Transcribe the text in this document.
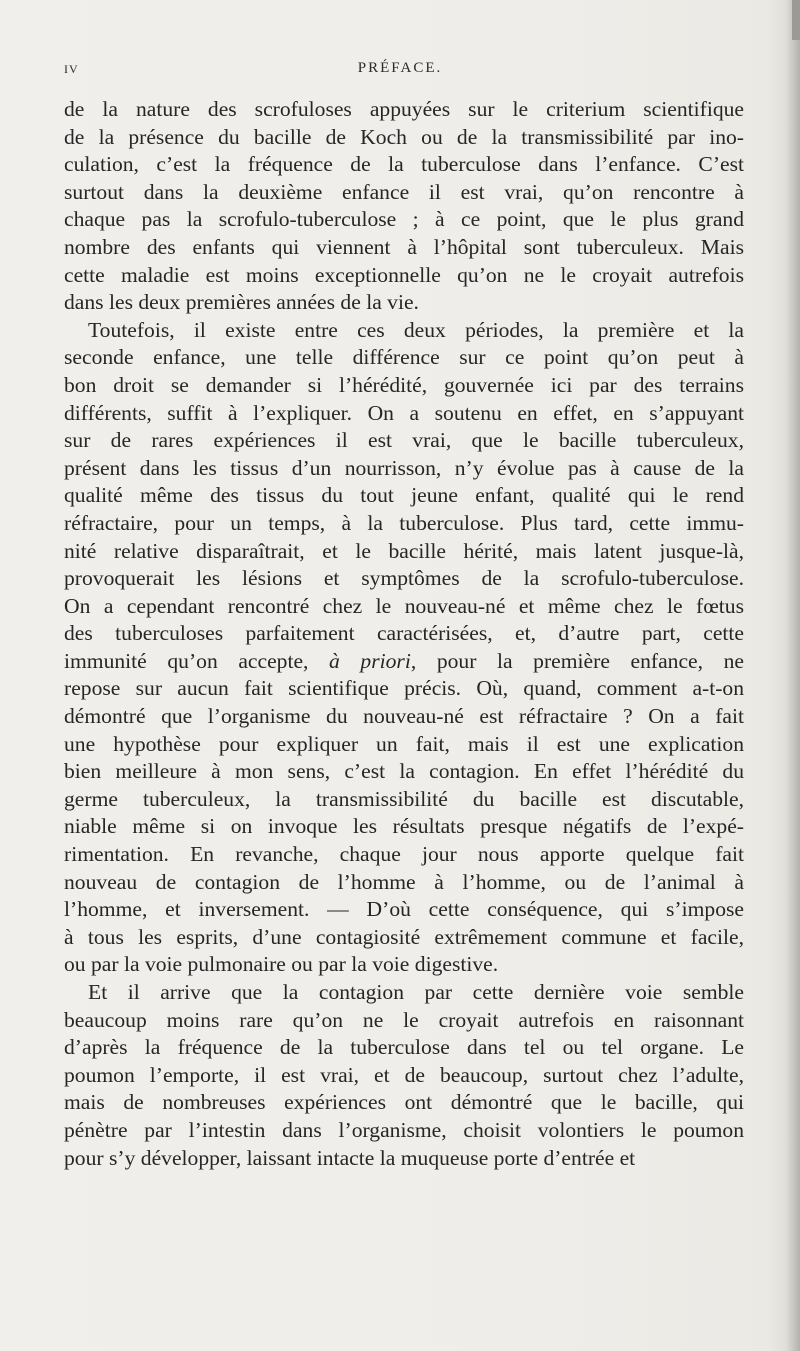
IV	PRÉFACE.

de la nature des scrofuloses appuyées sur le criterium scientifique
de la présence du bacille de Koch ou de la transmissibilité par ino-
culation, c’est la fréquence de la tuberculose dans l’enfance. C’est
surtout dans la deuxième enfance il est vrai, qu’on rencontre à
chaque pas la scrofulo-tuberculose ; à ce point, que le plus grand
nombre des enfants qui viennent à l’hôpital sont tuberculeux. Mais
cette maladie est moins exceptionnelle qu’on ne le croyait autrefois
dans les deux premières années de la vie.

Toutefois, il existe entre ces deux périodes, la première et la
seconde enfance, une telle différence sur ce point qu’on peut à
bon droit se demander si l’hérédité, gouvernée ici par des terrains
différents, suffit à l’expliquer. On a soutenu en effet, en s’appuyant
sur de rares expériences il est vrai, que le bacille tuberculeux,
présent dans les tissus d’un nourrisson, n’y évolue pas à cause de la
qualité même des tissus du tout jeune enfant, qualité qui le rend
réfractaire, pour un temps, à la tuberculose. Plus tard, cette immu-
nité relative disparaîtrait, et le bacille hérité, mais latent jusque-là,
provoquerait les lésions et symptômes de la scrofulo-tuberculose.
On a cependant rencontré chez le nouveau-né et même chez le fœtus
des tuberculoses parfaitement caractérisées, et, d’autre part, cette
immunité qu’on accepte, à priori, pour la première enfance, ne
repose sur aucun fait scientifique précis. Où, quand, comment a-t-on
démontré que l’organisme du nouveau-né est réfractaire ? On a fait
une hypothèse pour expliquer un fait, mais il est une explication
bien meilleure à mon sens, c’est la contagion. En effet l’hérédité du
germe tuberculeux, la transmissibilité du bacille est discutable,
niable même si on invoque les résultats presque négatifs de l’expé-
rimentation. En revanche, chaque jour nous apporte quelque fait
nouveau de contagion de l’homme à l’homme, ou de l’animal à
l’homme, et inversement. — D’où cette conséquence, qui s’impose
à tous les esprits, d’une contagiosité extrêmement commune et facile,
ou par la voie pulmonaire ou par la voie digestive.

Et il arrive que la contagion par cette dernière voie semble
beaucoup moins rare qu’on ne le croyait autrefois en raisonnant
d’après la fréquence de la tuberculose dans tel ou tel organe. Le
poumon l’emporte, il est vrai, et de beaucoup, surtout chez l’adulte,
mais de nombreuses expériences ont démontré que le bacille, qui
pénètre par l’intestin dans l’organisme, choisit volontiers le poumon
pour s’y développer, laissant intacte la muqueuse porte d’entrée et
